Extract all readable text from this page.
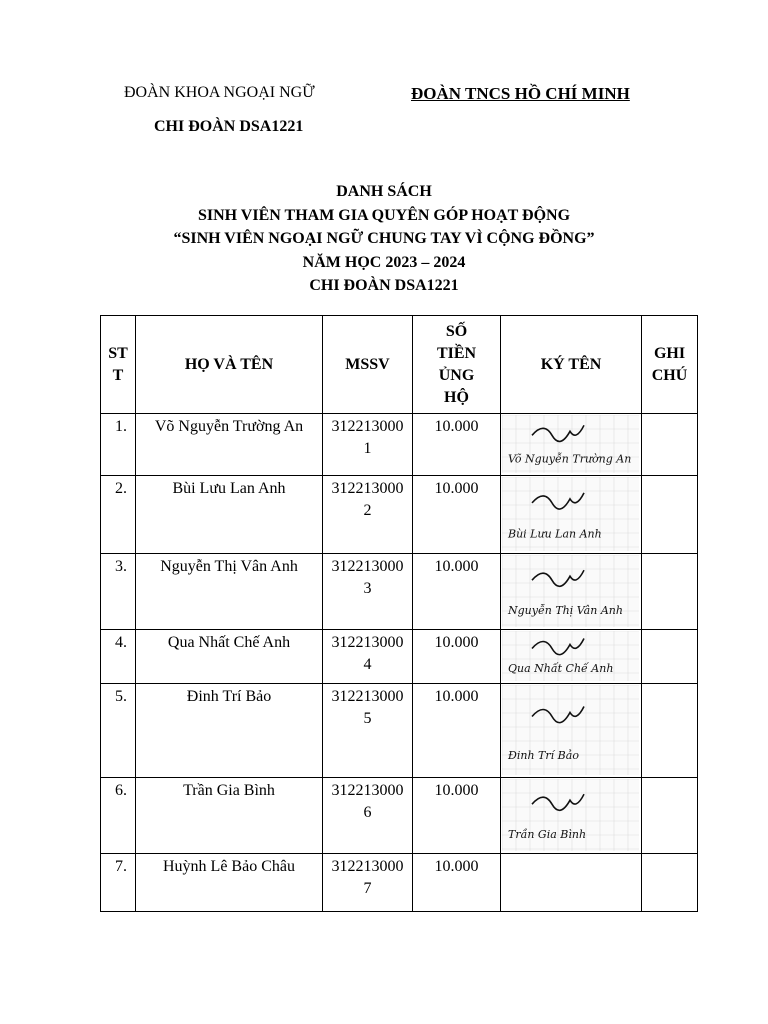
ĐOÀN KHOA NGOẠI NGỮ	ĐOÀN TNCS HỒ CHÍ MINH
CHI ĐOÀN DSA1221
DANH SÁCH
SINH VIÊN THAM GIA QUYÊN GÓP HOẠT ĐỘNG
“SINH VIÊN NGOẠI NGỮ CHUNG TAY VÌ CỘNG ĐỒNG”
NĂM HỌC 2023 – 2024
CHI ĐOÀN DSA1221
STT	HỌ VÀ TÊN	MSSV	SỐ TIỀN ỦNG HỘ	KÝ TÊN	GHI CHÚ
1.	Võ Nguyễn Trường An	3122130001	10.000	Võ Nguyễn Trường An	

2.	Bùi Lưu Lan Anh	3122130002	10.000	Bùi Lưu Lan Anh	

3.	Nguyễn Thị Vân Anh	3122130003	10.000	Nguyễn Thị Vân Anh	

4.	Qua Nhất Chế Anh	3122130004	10.000	Qua Nhất Chế Anh	

5.	Đinh Trí Bảo	3122130005	10.000	Đinh Trí Bảo	

6.	Trần Gia Bình	3122130006	10.000	Trần Gia Bình	

7.	Huỳnh Lê Bảo Châu	3122130007	10.000		
